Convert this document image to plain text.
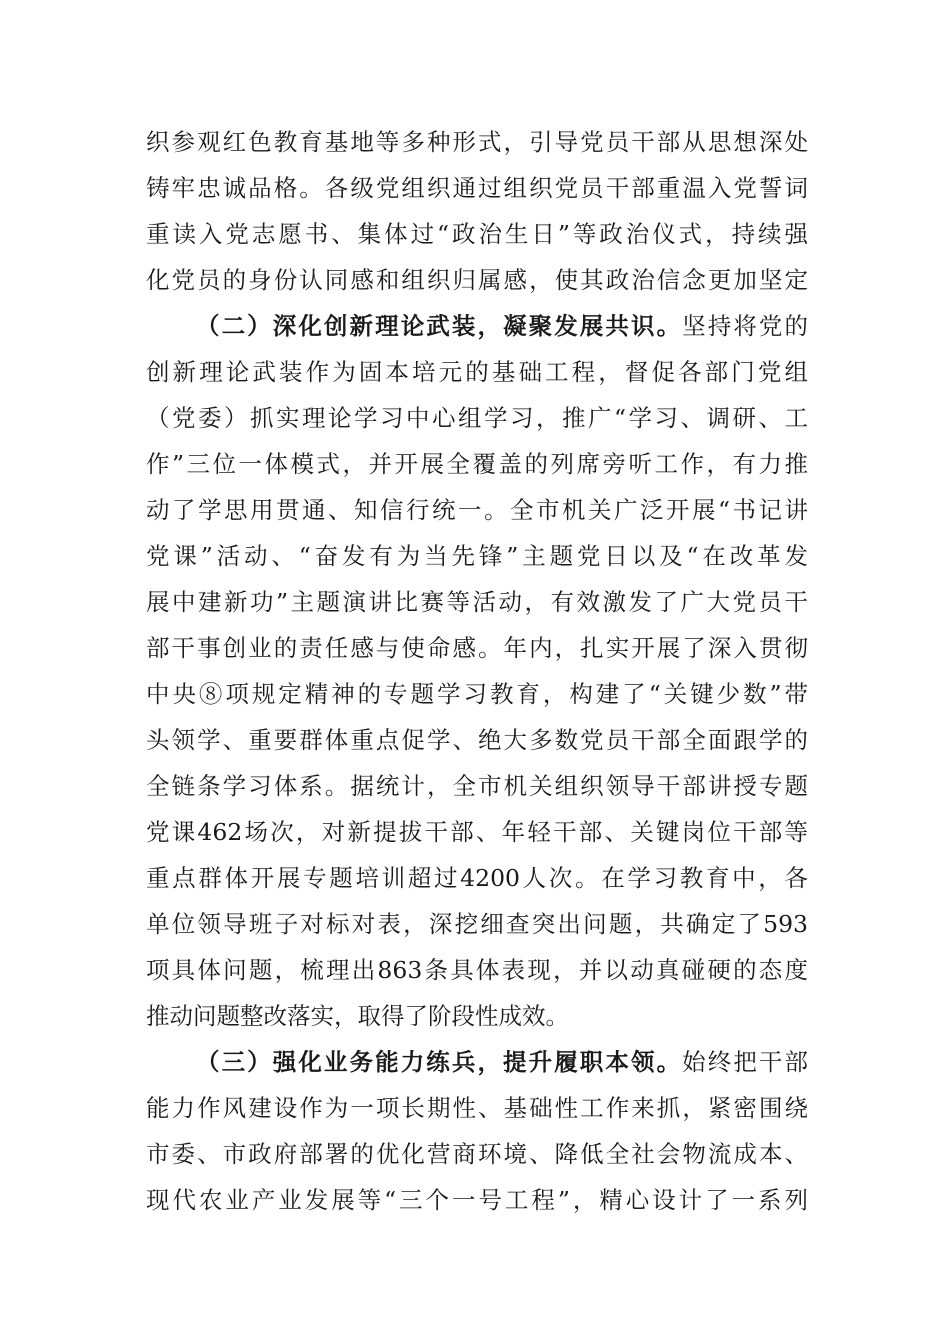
织参观红色教育基地等多种形式，引导党员干部从思想深处
铸牢忠诚品格。各级党组织通过组织党员干部重温入党誓词
重读入党志愿书、集体过“政治生日”等政治仪式，持续强
化党员的身份认同感和组织归属感，使其政治信念更加坚定
（二）深化创新理论武装，凝聚发展共识。坚持将党的
创新理论武装作为固本培元的基础工程，督促各部门党组
（党委）抓实理论学习中心组学习，推广“学习、调研、工
作”三位一体模式，并开展全覆盖的列席旁听工作，有力推
动了学思用贯通、知信行统一。全市机关广泛开展“书记讲
党课”活动、“奋发有为当先锋”主题党日以及“在改革发
展中建新功”主题演讲比赛等活动，有效激发了广大党员干
部干事创业的责任感与使命感。年内，扎实开展了深入贯彻
中央⑧项规定精神的专题学习教育，构建了“关键少数”带
头领学、重要群体重点促学、绝大多数党员干部全面跟学的
全链条学习体系。据统计，全市机关组织领导干部讲授专题
党课462场次，对新提拔干部、年轻干部、关键岗位干部等
重点群体开展专题培训超过4200人次。在学习教育中，各
单位领导班子对标对表，深挖细查突出问题，共确定了593
项具体问题，梳理出863条具体表现，并以动真碰硬的态度
推动问题整改落实，取得了阶段性成效。
（三）强化业务能力练兵，提升履职本领。始终把干部
能力作风建设作为一项长期性、基础性工作来抓，紧密围绕
市委、市政府部署的优化营商环境、降低全社会物流成本、
现代农业产业发展等“三个一号工程”，精心设计了一系列
